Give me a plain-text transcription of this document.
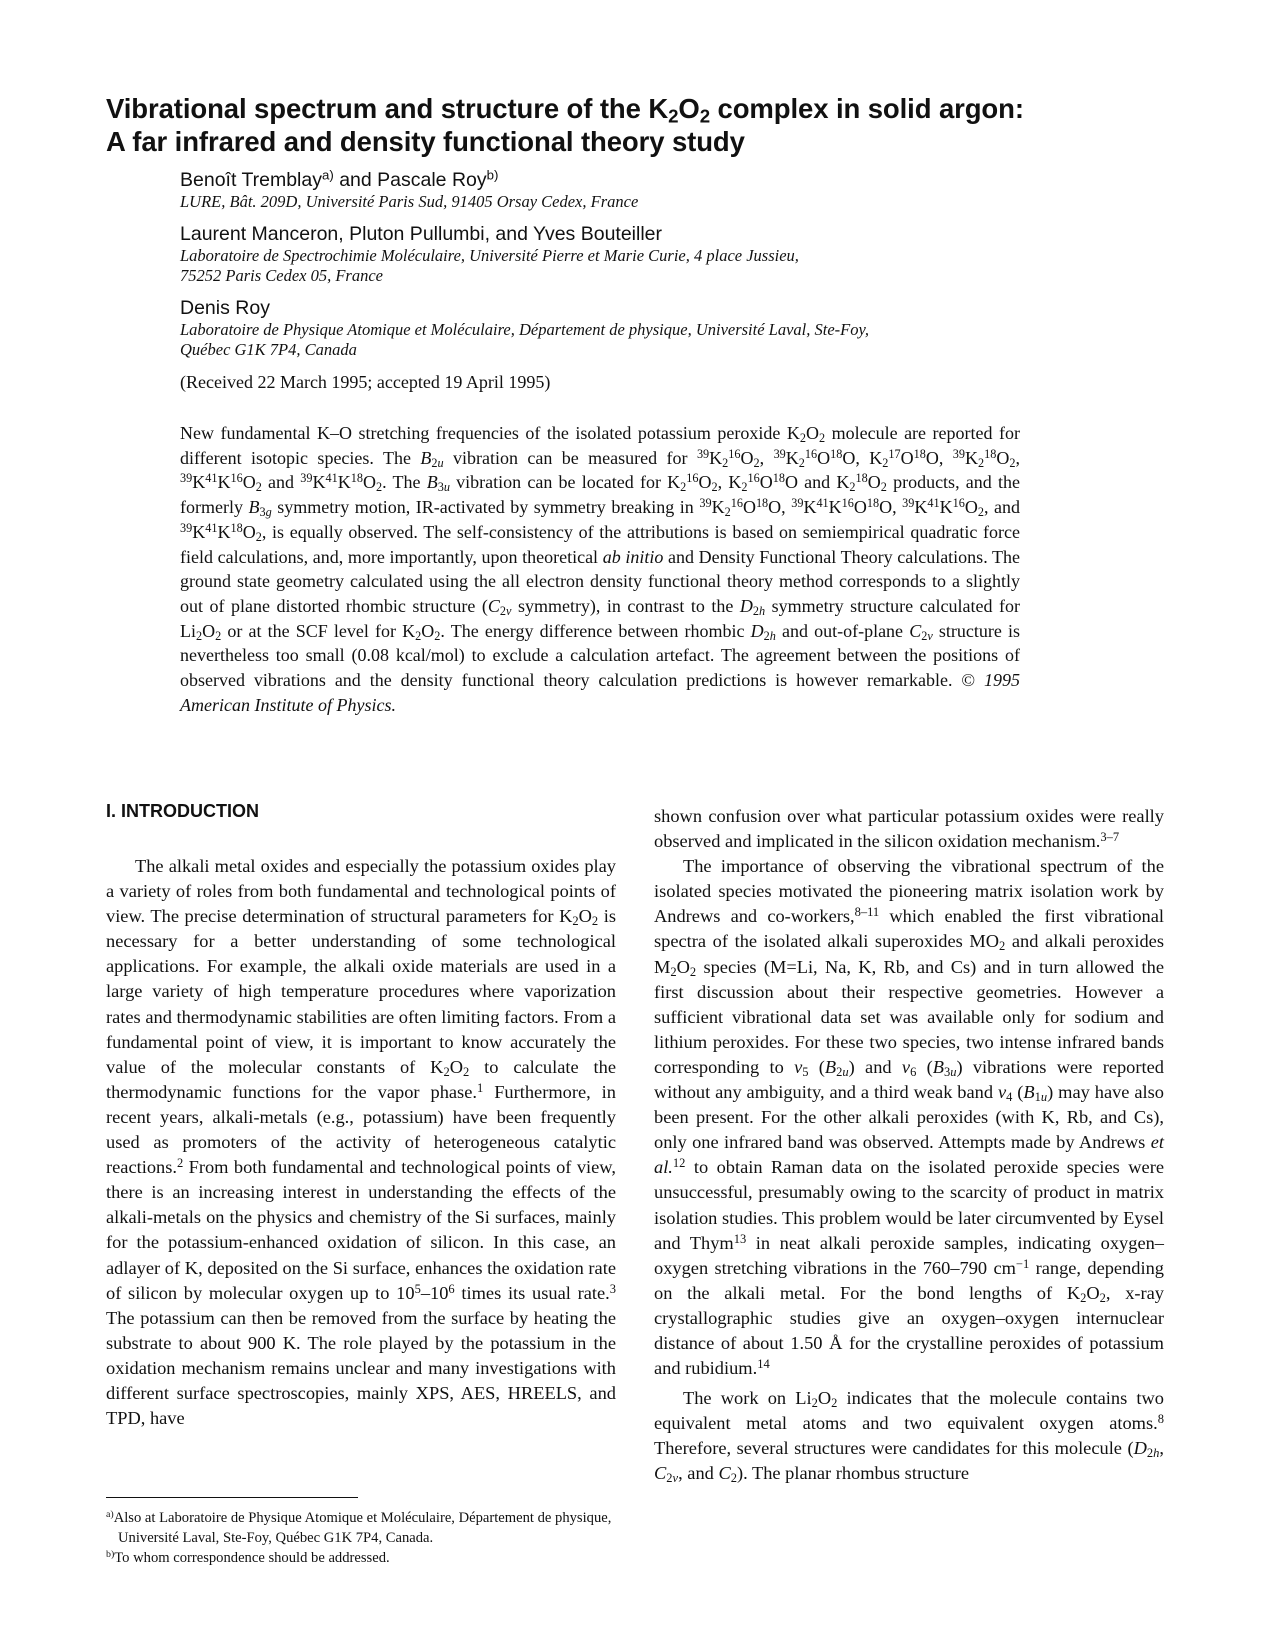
Vibrational spectrum and structure of the $K_2O_2$ complex in solid argon:
A far infrared and density functional theory study
Benoît Tremblay$^{a)}$ and Pascale Roy$^{b)}$
LURE, Bât. 209D, Université Paris Sud, 91405 Orsay Cedex, France
Laurent Manceron, Pluton Pullumbi, and Yves Bouteiller
Laboratoire de Spectrochimie Moléculaire, Université Pierre et Marie Curie, 4 place Jussieu,
75252 Paris Cedex 05, France
Denis Roy
Laboratoire de Physique Atomique et Moléculaire, Département de physique, Université Laval, Ste-Foy,
Québec G1K 7P4, Canada
(Received 22 March 1995; accepted 19 April 1995)
New fundamental K–O stretching frequencies of the isolated potassium peroxide $K_2O_2$ molecule are reported for different isotopic species. The $B_{2u}$ vibration can be measured for $^{39}K_2^{16}O_2$, $^{39}K_2^{16}O^{18}O$, $K_2^{17}O^{18}O$, $^{39}K_2^{18}O_2$, $^{39}K^{41}K^{16}O_2$ and $^{39}K^{41}K^{18}O_2$. The $B_{3u}$ vibration can be located for $K_2^{16}O_2$, $K_2^{16}O^{18}O$ and $K_2^{18}O_2$ products, and the formerly $B_{3g}$ symmetry motion, IR-activated by symmetry breaking in $^{39}K_2^{16}O^{18}O$, $^{39}K^{41}K^{16}O^{18}O$, $^{39}K^{41}K^{16}O_2$, and $^{39}K^{41}K^{18}O_2$, is equally observed. The self-consistency of the attributions is based on semiempirical quadratic force field calculations, and, more importantly, upon theoretical ab initio and Density Functional Theory calculations. The ground state geometry calculated using the all electron density functional theory method corresponds to a slightly out of plane distorted rhombic structure ($C_{2v}$ symmetry), in contrast to the $D_{2h}$ symmetry structure calculated for $Li_2O_2$ or at the SCF level for $K_2O_2$. The energy difference between rhombic $D_{2h}$ and out-of-plane $C_{2v}$ structure is nevertheless too small (0.08 kcal/mol) to exclude a calculation artefact. The agreement between the positions of observed vibrations and the density functional theory calculation predictions is however remarkable. © 1995 American Institute of Physics.
I. INTRODUCTION

The alkali metal oxides and especially the potassium oxides play a variety of roles from both fundamental and technological points of view. The precise determination of structural parameters for $K_2O_2$ is necessary for a better understanding of some technological applications. For example, the alkali oxide materials are used in a large variety of high temperature procedures where vaporization rates and thermodynamic stabilities are often limiting factors. From a fundamental point of view, it is important to know accurately the value of the molecular constants of $K_2O_2$ to calculate the thermodynamic functions for the vapor phase.$^1$ Furthermore, in recent years, alkali-metals (e.g., potassium) have been frequently used as promoters of the activity of heterogeneous catalytic reactions.$^2$ From both fundamental and technological points of view, there is an increasing interest in understanding the effects of the alkali-metals on the physics and chemistry of the Si surfaces, mainly for the potassium-enhanced oxidation of silicon. In this case, an adlayer of K, deposited on the Si surface, enhances the oxidation rate of silicon by molecular oxygen up to $10^5-10^6$ times its usual rate.$^3$ The potassium can then be removed from the surface by heating the substrate to about 900 K. The role played by the potassium in the oxidation mechanism remains unclear and many investigations with different surface spectroscopies, mainly XPS, AES, HREELS, and TPD, have

shown confusion over what particular potassium oxides were really observed and implicated in the silicon oxidation mechanism.$^{3-7}$

The importance of observing the vibrational spectrum of the isolated species motivated the pioneering matrix isolation work by Andrews and co-workers,$^{8-11}$ which enabled the first vibrational spectra of the isolated alkali superoxides $MO_2$ and alkali peroxides $M_2O_2$ species (M=Li, Na, K, Rb, and Cs) and in turn allowed the first discussion about their respective geometries. However a sufficient vibrational data set was available only for sodium and lithium peroxides. For these two species, two intense infrared bands corresponding to $\nu_5$ $(B_{2u})$ and $\nu_6$ $(B_{3u})$ vibrations were reported without any ambiguity, and a third weak band $\nu_4$ $(B_{1u})$ may have also been present. For the other alkali peroxides (with K, Rb, and Cs), only one infrared band was observed. Attempts made by Andrews et al.$^{12}$ to obtain Raman data on the isolated peroxide species were unsuccessful, presumably owing to the scarcity of product in matrix isolation studies. This problem would be later circumvented by Eysel and Thym$^{13}$ in neat alkali peroxide samples, indicating oxygen–oxygen stretching vibrations in the 760–790 $cm^{-1}$ range, depending on the alkali metal. For the bond lengths of $K_2O_2$, x-ray crystallographic studies give an oxygen–oxygen internuclear distance of about 1.50 Å for the crystalline peroxides of potassium and rubidium.$^{14}$

The work on $Li_2O_2$ indicates that the molecule contains two equivalent metal atoms and two equivalent oxygen atoms.$^8$ Therefore, several structures were candidates for this molecule ($D_{2h}$, $C_{2v}$, and $C_2$). The planar rhombus structure

$^{a)}$Also at Laboratoire de Physique Atomique et Moléculaire, Département de physique, Université Laval, Ste-Foy, Québec G1K 7P4, Canada.
$^{b)}$To whom correspondence should be addressed.
